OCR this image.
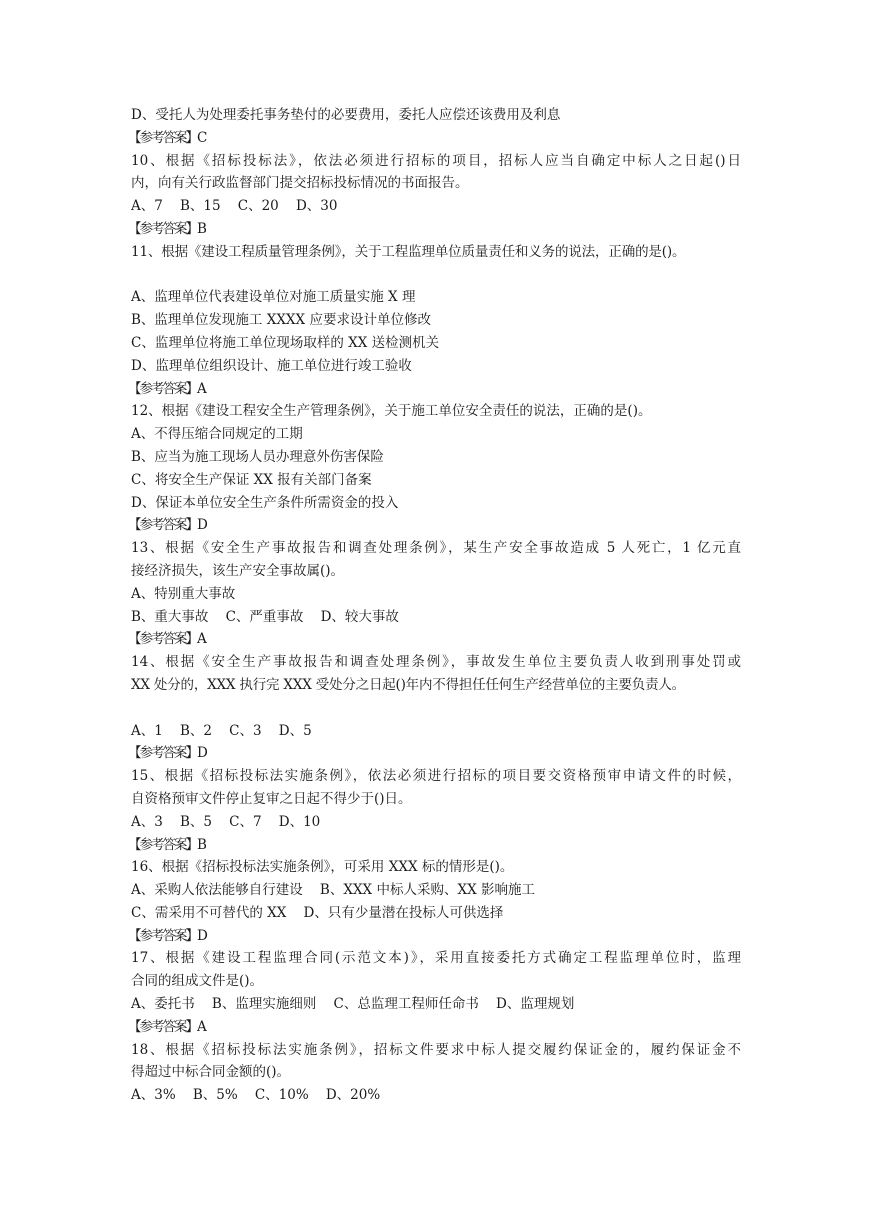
D、受托人为处理委托事务垫付的必要费用，委托人应偿还该费用及利息
【参考答案】C
10、根据《招标投标法》，依法必须进行招标的项目，招标人应当自确定中标人之日起()日
内，向有关行政监督部门提交招标投标情况的书面报告。
A、7    B、15    C、20    D、30
【参考答案】B
11、根据《建设工程质量管理条例》，关于工程监理单位质量责任和义务的说法，正确的是()。
A、监理单位代表建设单位对施工质量实施 X 理
B、监理单位发现施工 XXXX 应要求设计单位修改
C、监理单位将施工单位现场取样的 XX 送检测机关
D、监理单位组织设计、施工单位进行竣工验收
【参考答案】A
12、根据《建设工程安全生产管理条例》，关于施工单位安全责任的说法，正确的是()。
A、不得压缩合同规定的工期
B、应当为施工现场人员办理意外伤害保险
C、将安全生产保证 XX 报有关部门备案
D、保证本单位安全生产条件所需资金的投入
【参考答案】D
13、根据《安全生产事故报告和调查处理条例》，某生产安全事故造成 5 人死亡，1 亿元直
接经济损失，该生产安全事故属()。
A、特别重大事故
B、重大事故    C、严重事故    D、较大事故
【参考答案】A
14、根据《安全生产事故报告和调查处理条例》，事故发生单位主要负责人收到刑事处罚或
XX 处分的，XXX 执行完 XXX 受处分之日起()年内不得担任任何生产经营单位的主要负责人。
A、1    B、2    C、3    D、5
【参考答案】D
15、根据《招标投标法实施条例》，依法必须进行招标的项目要交资格预审申请文件的时候，
自资格预审文件停止复审之日起不得少于()日。
A、3    B、5    C、7    D、10
【参考答案】B
16、根据《招标投标法实施条例》，可采用 XXX 标的情形是()。
A、采购人依法能够自行建设    B、XXX 中标人采购、XX 影响施工
C、需采用不可替代的 XX    D、只有少量潜在投标人可供选择
【参考答案】D
17、根据《建设工程监理合同(示范文本)》，采用直接委托方式确定工程监理单位时，监理
合同的组成文件是()。
A、委托书    B、监理实施细则    C、总监理工程师任命书    D、监理规划
【参考答案】A
18、根据《招标投标法实施条例》，招标文件要求中标人提交履约保证金的，履约保证金不
得超过中标合同金额的()。
A、3%    B、5%    C、10%    D、20%
